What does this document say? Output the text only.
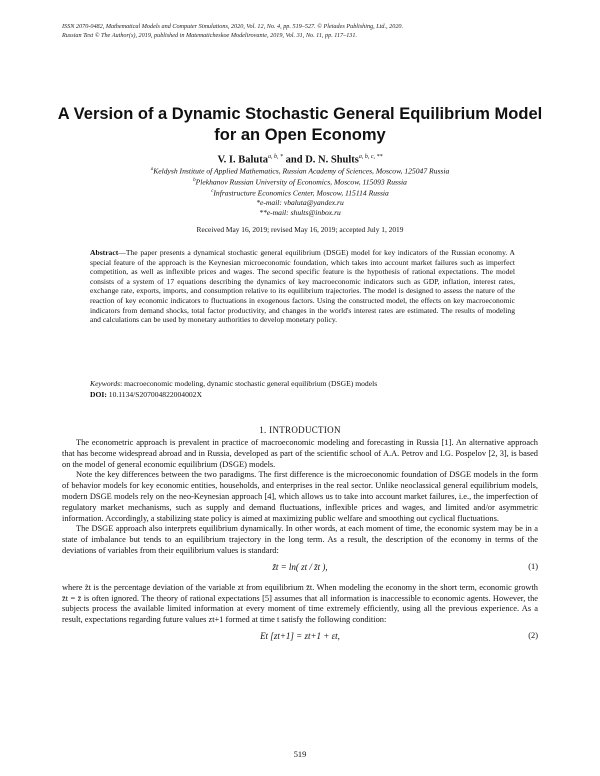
ISSN 2070-0482, Mathematical Models and Computer Simulations, 2020, Vol. 12, No. 4, pp. 519–527. © Pleiades Publishing, Ltd., 2020.
Russian Text © The Author(s), 2019, published in Matematicheskoe Modelirovanie, 2019, Vol. 31, No. 11, pp. 117–131.
A Version of a Dynamic Stochastic General Equilibrium Model
for an Open Economy
V. I. Baluta$^{a, b, *}$ and D. N. Shults$^{a, b, c, **}$
$^a$Keldysh Institute of Applied Mathematics, Russian Academy of Sciences, Moscow, 125047 Russia
$^b$Plekhanov Russian University of Economics, Moscow, 115093 Russia
$^c$Infrastructure Economics Center, Moscow, 115114 Russia
*e-mail: vbaluta@yandex.ru
**e-mail: shults@inbox.ru
Received May 16, 2019; revised May 16, 2019; accepted July 1, 2019
Abstract—The paper presents a dynamical stochastic general equilibrium (DSGE) model for key indicators of the Russian economy. A special feature of the approach is the Keynesian microeconomic foundation, which takes into account market failures such as imperfect competition, as well as inflexible prices and wages. The second specific feature is the hypothesis of rational expectations. The model consists of a system of 17 equations describing the dynamics of key macroeconomic indicators such as GDP, inflation, interest rates, exchange rate, exports, imports, and consumption relative to its equilibrium trajectories. The model is designed to assess the nature of the reaction of key economic indicators to fluctuations in exogenous factors. Using the constructed model, the effects on key macroeconomic indicators from demand shocks, total factor productivity, and changes in the world's interest rates are estimated. The results of modeling and calculations can be used by monetary authorities to develop monetary policy.
Keywords: macroeconomic modeling, dynamic stochastic general equilibrium (DSGE) models
DOI: 10.1134/S207004822004002X
1. INTRODUCTION

The econometric approach is prevalent in practice of macroeconomic modeling and forecasting in Russia [1]. An alternative approach that has become widespread abroad and in Russia, developed as part of the scientific school of A.A. Petrov and I.G. Pospelov [2, 3], is based on the model of general economic equilibrium (DSGE) models.

Note the key differences between the two paradigms. The first difference is the microeconomic foundation of DSGE models in the form of behavior models for key economic entities, households, and enterprises in the real sector. Unlike neoclassical general equilibrium models, modern DSGE models rely on the neo-Keynesian approach [4], which allows us to take into account market failures, i.e., the imperfection of regulatory market mechanisms, such as supply and demand fluctuations, inflexible prices and wages, and limited and/or asymmetric information. Accordingly, a stabilizing state policy is aimed at maximizing public welfare and smoothing out cyclical fluctuations.

The DSGE approach also interprets equilibrium dynamically. In other words, at each moment of time, the economic system may be in a state of imbalance but tends to an equilibrium trajectory in the long term. As a result, the description of the economy in terms of the deviations of variables from their equilibrium values is standard:

z̃t = ln( zt / z̄t ),	(1)

where z̃t is the percentage deviation of the variable zt from equilibrium z̄t. When modeling the economy in the short term, economic growth z̄t = z̄ is often ignored. The theory of rational expectations [5] assumes that all information is inaccessible to economic agents. However, the subjects process the available limited information at every moment of time extremely efficiently, using all the previous experience. As a result, expectations regarding future values zt+1 formed at time t satisfy the following condition:

Et [zt+1] = zt+1 + εt,	(2)
519
